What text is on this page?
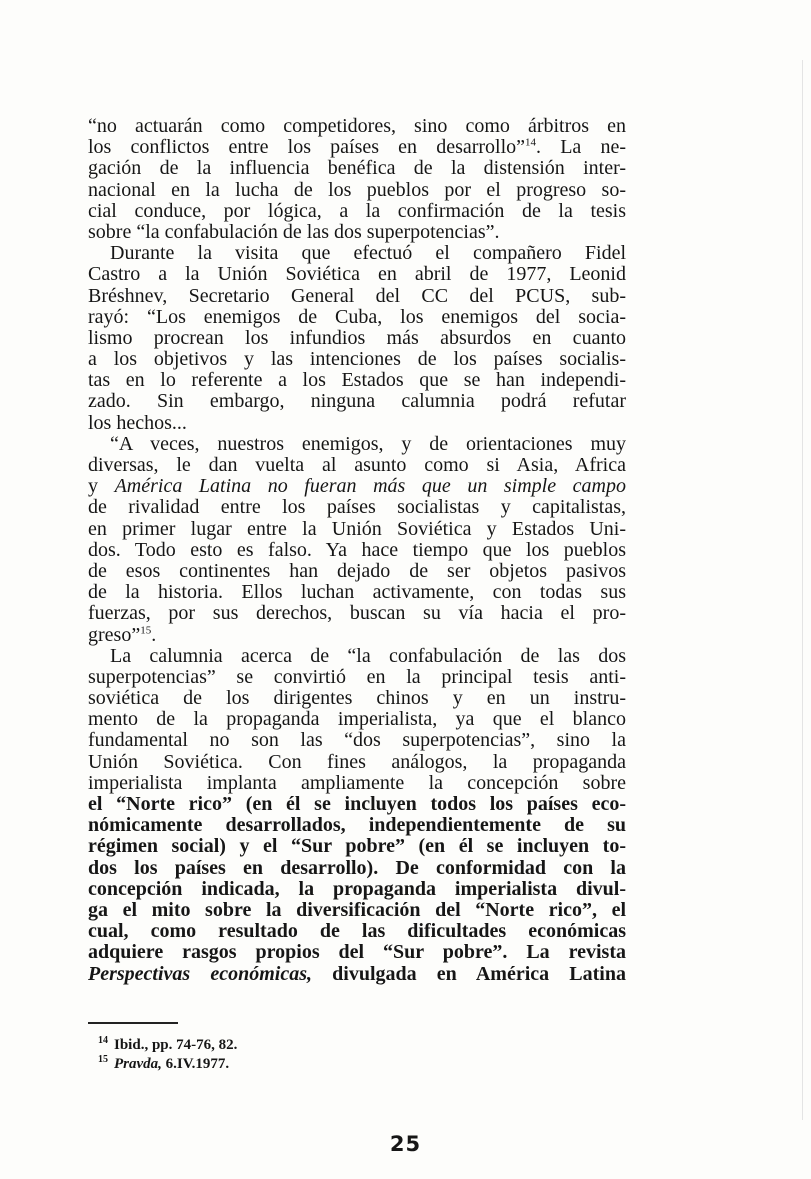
“no actuarán como competidores, sino como árbitros en
los conflictos entre los países en desarrollo”$^{14}$. La ne-
gación de la influencia benéfica de la distensión inter-
nacional en la lucha de los pueblos por el progreso so-
cial conduce, por lógica, a la confirmación de la tesis
sobre “la confabulación de las dos superpotencias”.
Durante la visita que efectuó el compañero Fidel
Castro a la Unión Soviética en abril de 1977, Leonid
Bréshnev, Secretario General del CC del PCUS, sub-
rayó: “Los enemigos de Cuba, los enemigos del socia-
lismo procrean los infundios más absurdos en cuanto
a los objetivos y las intenciones de los países socialis-
tas en lo referente a los Estados que se han independi-
zado. Sin embargo, ninguna calumnia podrá refutar
los hechos...
“A veces, nuestros enemigos, y de orientaciones muy
diversas, le dan vuelta al asunto como si Asia, Africa
y América Latina no fueran más que un simple campo
de rivalidad entre los países socialistas y capitalistas,
en primer lugar entre la Unión Soviética y Estados Uni-
dos. Todo esto es falso. Ya hace tiempo que los pueblos
de esos continentes han dejado de ser objetos pasivos
de la historia. Ellos luchan activamente, con todas sus
fuerzas, por sus derechos, buscan su vía hacia el pro-
greso”$^{15}$.
La calumnia acerca de “la confabulación de las dos
superpotencias” se convirtió en la principal tesis anti-
soviética de los dirigentes chinos y en un instru-
mento de la propaganda imperialista, ya que el blanco
fundamental no son las “dos superpotencias”, sino la
Unión Soviética. Con fines análogos, la propaganda
imperialista implanta ampliamente la concepción sobre
el “Norte rico” (en él se incluyen todos los países eco-
nómicamente desarrollados, independientemente de su
régimen social) y el “Sur pobre” (en él se incluyen to-
dos los países en desarrollo). De conformidad con la
concepción indicada, la propaganda imperialista divul-
ga el mito sobre la diversificación del “Norte rico”, el
cual, como resultado de las dificultades económicas
adquiere rasgos propios del “Sur pobre”. La revista
Perspectivas económicas, divulgada en América Latina
$^{14}$ Ibid., pp. 74-76, 82.
$^{15}$ Pravda, 6.IV.1977.
25
